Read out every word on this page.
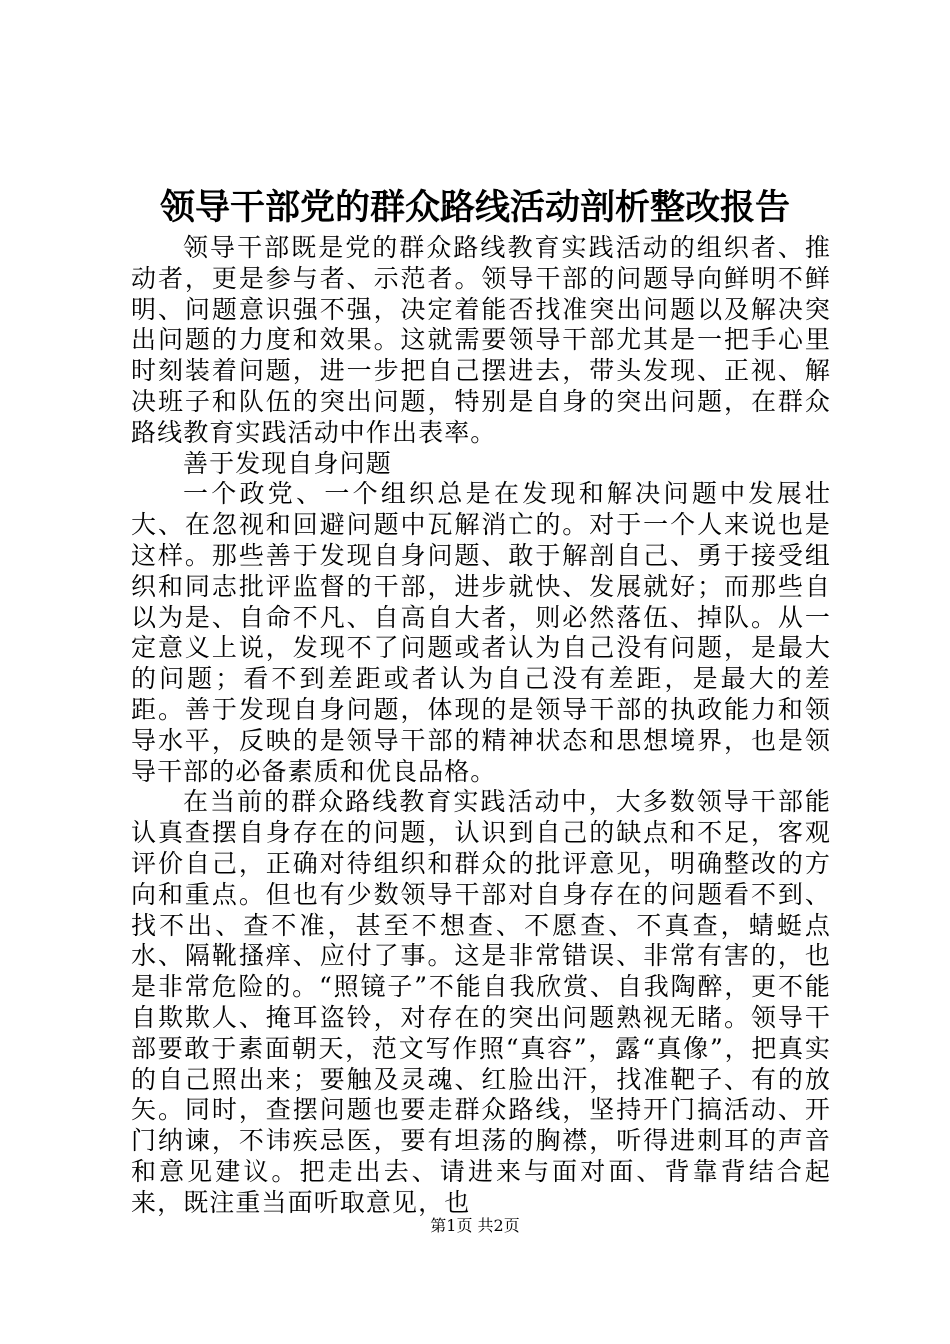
领导干部党的群众路线活动剖析整改报告

领导干部既是党的群众路线教育实践活动的组织者、推动者，更是参与者、示范者。领导干部的问题导向鲜明不鲜明、问题意识强不强，决定着能否找准突出问题以及解决突出问题的力度和效果。这就需要领导干部尤其是一把手心里时刻装着问题，进一步把自己摆进去，带头发现、正视、解决班子和队伍的突出问题，特别是自身的突出问题，在群众路线教育实践活动中作出表率。

善于发现自身问题

一个政党、一个组织总是在发现和解决问题中发展壮大、在忽视和回避问题中瓦解消亡的。对于一个人来说也是这样。那些善于发现自身问题、敢于解剖自己、勇于接受组织和同志批评监督的干部，进步就快、发展就好；而那些自以为是、自命不凡、自高自大者，则必然落伍、掉队。从一定意义上说，发现不了问题或者认为自己没有问题，是最大的问题；看不到差距或者认为自己没有差距，是最大的差距。善于发现自身问题，体现的是领导干部的执政能力和领导水平，反映的是领导干部的精神状态和思想境界，也是领导干部的必备素质和优良品格。

在当前的群众路线教育实践活动中，大多数领导干部能认真查摆自身存在的问题，认识到自己的缺点和不足，客观评价自己，正确对待组织和群众的批评意见，明确整改的方向和重点。但也有少数领导干部对自身存在的问题看不到、找不出、查不准，甚至不想查、不愿查、不真查，蜻蜓点水、隔靴搔痒、应付了事。这是非常错误、非常有害的，也是非常危险的。“照镜子”不能自我欣赏、自我陶醉，更不能自欺欺人、掩耳盗铃，对存在的突出问题熟视无睹。领导干部要敢于素面朝天，范文写作照“真容”，露“真像”，把真实的自己照出来；要触及灵魂、红脸出汗，找准靶子、有的放矢。同时，查摆问题也要走群众路线，坚持开门搞活动、开门纳谏，不讳疾忌医，要有坦荡的胸襟，听得进刺耳的声音和意见建议。把走出去、请进来与面对面、背靠背结合起来，既注重当面听取意见，也

第1页 共2页
